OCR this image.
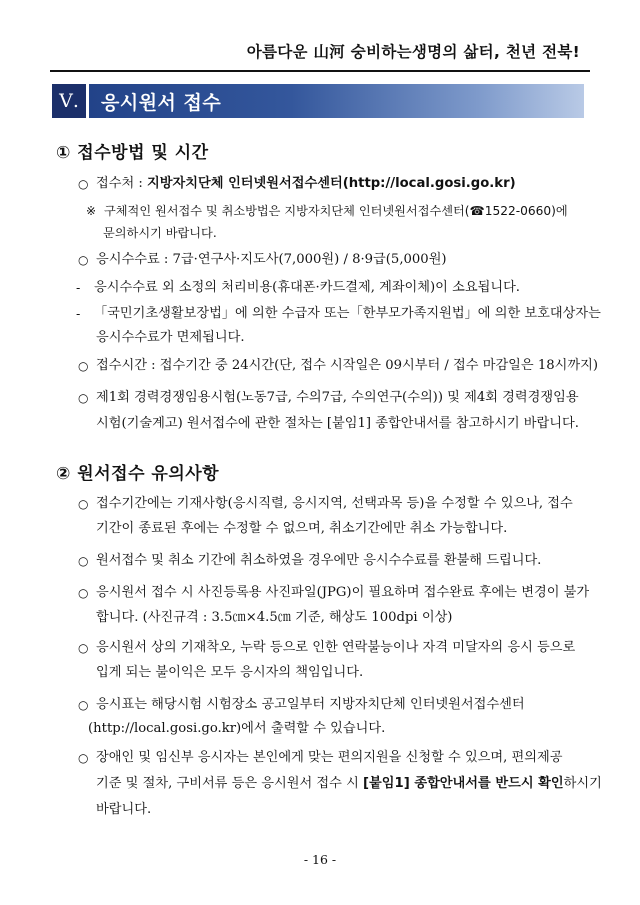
아름다운 山河 숭비하는생명의 삶터, 천년 전북!
Ⅴ.	응시원서 접수
① 접수방법 및 시간
○ 접수처 : 지방자치단체 인터넷원서접수센터(http://local.gosi.go.kr)
※ 구체적인 원서접수 및 취소방법은 지방자치단체 인터넷원서접수센터(☎1522-0660)에
문의하시기 바랍니다.
○ 응시수수료 : 7급·연구사·지도사(7,000원) / 8·9급(5,000원)
-	응시수수료 외 소정의 처리비용(휴대폰·카드결제, 계좌이체)이 소요됩니다.
-	「국민기초생활보장법」에 의한 수급자 또는「한부모가족지원법」에 의한 보호대상자는
응시수수료가 면제됩니다.
○ 접수시간 : 접수기간 중 24시간(단, 접수 시작일은 09시부터 / 접수 마감일은 18시까지)
○ 제1회 경력경쟁임용시험(노동7급, 수의7급, 수의연구(수의)) 및 제4회 경력경쟁임용
시험(기술계고) 원서접수에 관한 절차는 [붙임1] 종합안내서를 참고하시기 바랍니다.
② 원서접수 유의사항
○ 접수기간에는 기재사항(응시직렬, 응시지역, 선택과목 등)을 수정할 수 있으나, 접수
기간이 종료된 후에는 수정할 수 없으며, 취소기간에만 취소 가능합니다.
○ 원서접수 및 취소 기간에 취소하였을 경우에만 응시수수료를 환불해 드립니다.
○ 응시원서 접수 시 사진등록용 사진파일(JPG)이 필요하며 접수완료 후에는 변경이 불가
합니다. (사진규격 : 3.5㎝×4.5㎝ 기준, 해상도 100dpi 이상)
○ 응시원서 상의 기재착오, 누락 등으로 인한 연락불능이나 자격 미달자의 응시 등으로
입게 되는 불이익은 모두 응시자의 책임입니다.
○ 응시표는 해당시험 시험장소 공고일부터 지방자치단체 인터넷원서접수센터
(http://local.gosi.go.kr)에서 출력할 수 있습니다.
○ 장애인 및 임신부 응시자는 본인에게 맞는 편의지원을 신청할 수 있으며, 편의제공
기준 및 절차, 구비서류 등은 응시원서 접수 시 [붙임1] 종합안내서를 반드시 확인하시기
바랍니다.
- 16 -
